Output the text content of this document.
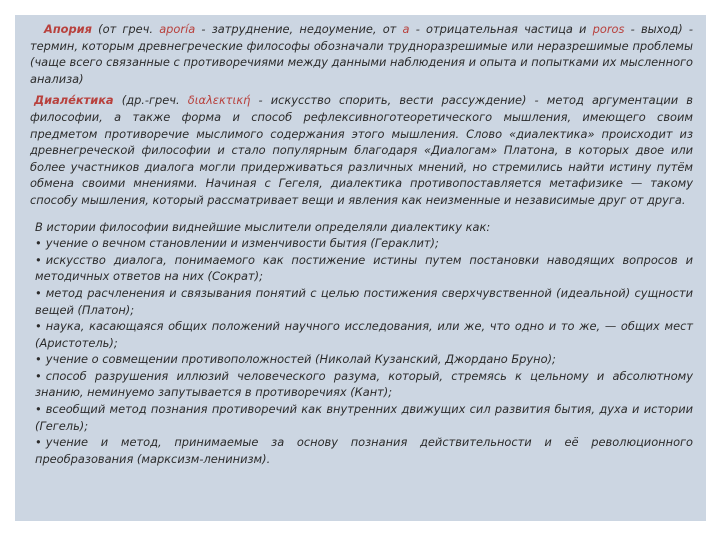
Апория (от греч. aporía - затруднение, недоумение, от a - отрицательная частица и poros - выход) - термин, которым древнегреческие философы обозначали трудноразрешимые или неразрешимые проблемы (чаще всего связанные с противоречиями между данными наблюдения и опыта и попытками их мысленного анализа)

Диале́ктика (др.-греч. διαλεκτική - искусство спорить, вести рассуждение) - метод аргументации в философии, а также форма и способ рефлексивноготеоретического мышления, имеющего своим предметом противоречие мыслимого содержания этого мышления. Слово «диалектика» происходит из древнегреческой философии и стало популярным благодаря «Диалогам» Платона, в которых двое или более участников диалога могли придерживаться различных мнений, но стремились найти истину путём обмена своими мнениями. Начиная с Гегеля, диалектика противопоставляется метафизике — такому способу мышления, который рассматривает вещи и явления как неизменные и независимые друг от друга.

В истории философии виднейшие мыслители определяли диалектику как:

• учение о вечном становлении и изменчивости бытия (Гераклит);
• искусство диалога, понимаемого как постижение истины путем постановки наводящих вопросов и методичных ответов на них (Сократ);
• метод расчленения и связывания понятий с целью постижения сверхчувственной (идеальной) сущности вещей (Платон);
• наука, касающаяся общих положений научного исследования, или же, что одно и то же, — общих мест (Аристотель);
• учение о совмещении противоположностей (Николай Кузанский, Джордано Бруно);
• способ разрушения иллюзий человеческого разума, который, стремясь к цельному и абсолютному знанию, неминуемо запутывается в противоречиях (Кант);
• всеобщий метод познания противоречий как внутренних движущих сил развития бытия, духа и истории (Гегель);
• учение и метод, принимаемые за основу познания действительности и её революционного преобразования (марксизм-ленинизм).
